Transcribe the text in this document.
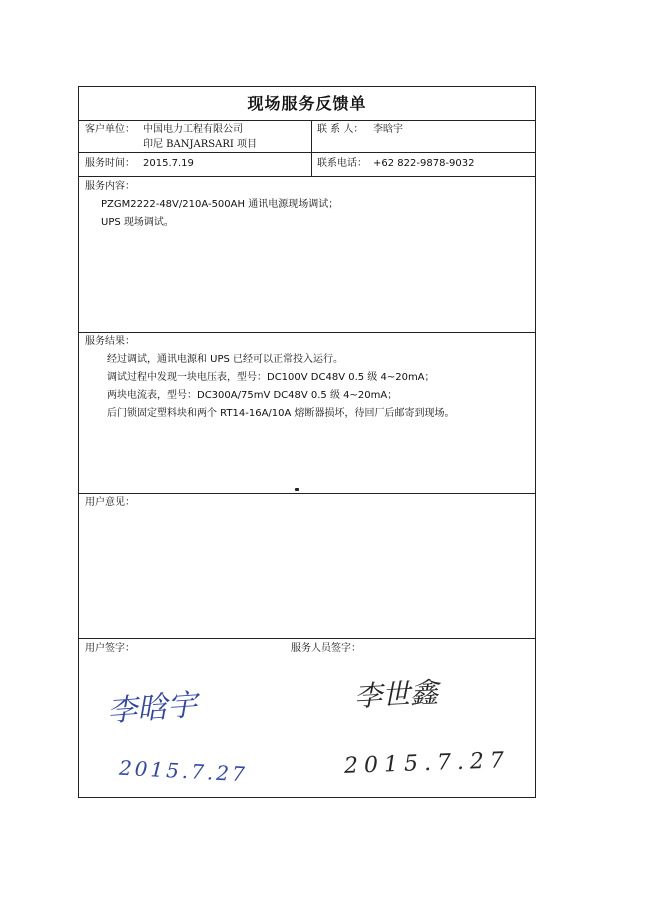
现场服务反馈单
客户单位： 中国电力工程有限公司
印尼 BANJARSARI 项目
联 系 人： 李晗宇
服务时间： 2015.7.19	联系电话： +62 822-9878-9032
服务内容：
PZGM2222-48V/210A-500AH 通讯电源现场调试；
UPS 现场调试。
服务结果：
经过调试，通讯电源和 UPS 已经可以正常投入运行。
调试过程中发现一块电压表，型号：DC100V DC48V 0.5 级 4~20mA；
两块电流表，型号：DC300A/75mV DC48V 0.5 级 4~20mA；
后门锁固定塑料块和两个 RT14-16A/10A 熔断器损坏，待回厂后邮寄到现场。
用户意见：
用户签字：	服务人员签字：
李晗宇	李世鑫
2015.7.27	2015.7.27
